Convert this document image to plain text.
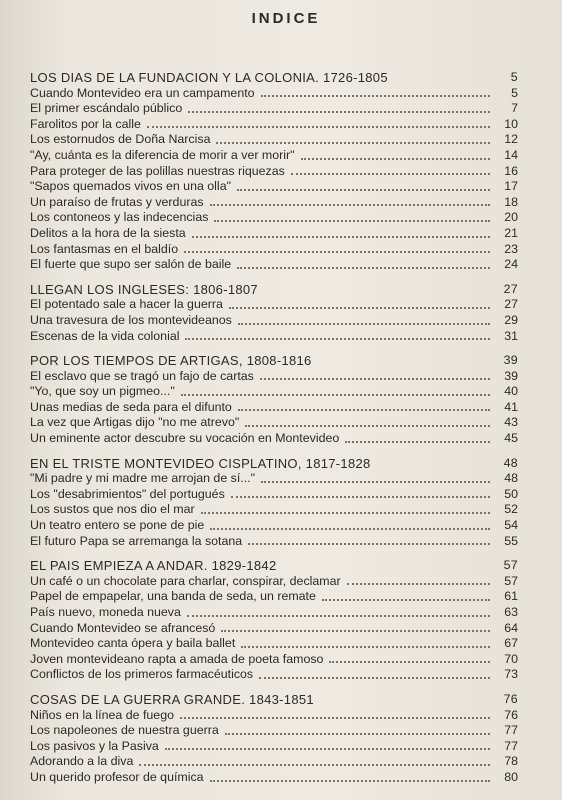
INDICE
LOS DIAS DE LA FUNDACION Y LA COLONIA. 1726-1805	5
Cuando Montevideo era un campamento	5
El primer escándalo público	7
Farolitos por la calle	10
Los estornudos de Doña Narcisa	12
"Ay, cuánta es la diferencia de morir a ver morir"	14
Para proteger de las polillas nuestras riquezas	16
"Sapos quemados vivos en una olla"	17
Un paraíso de frutas y verduras	18
Los contoneos y las indecencias	20
Delitos a la hora de la siesta	21
Los fantasmas en el baldío	23
El fuerte que supo ser salón de baile	24
LLEGAN LOS INGLESES: 1806-1807	27
El potentado sale a hacer la guerra	27
Una travesura de los montevideanos	29
Escenas de la vida colonial	31
POR LOS TIEMPOS DE ARTIGAS, 1808-1816	39
El esclavo que se tragó un fajo de cartas	39
"Yo, que soy un pigmeo..."	40
Unas medias de seda para el difunto	41
La vez que Artigas dijo "no me atrevo"	43
Un eminente actor descubre su vocación en Montevideo	45
EN EL TRISTE MONTEVIDEO CISPLATINO, 1817-1828	48
"Mi padre y mi madre me arrojan de sí..."	48
Los "desabrimientos" del portugués	50
Los sustos que nos dio el mar	52
Un teatro entero se pone de pie	54
El futuro Papa se arremanga la sotana	55
EL PAIS EMPIEZA A ANDAR. 1829-1842	57
Un café o un chocolate para charlar, conspirar, declamar	57
Papel de empapelar, una banda de seda, un remate	61
País nuevo, moneda nueva	63
Cuando Montevideo se afrancesó	64
Montevideo canta ópera y baila ballet	67
Joven montevideano rapta a amada de poeta famoso	70
Conflictos de los primeros farmacéuticos	73
COSAS DE LA GUERRA GRANDE. 1843-1851	76
Niños en la línea de fuego	76
Los napoleones de nuestra guerra	77
Los pasivos y la Pasiva	77
Adorando a la diva	78
Un querido profesor de química	80
